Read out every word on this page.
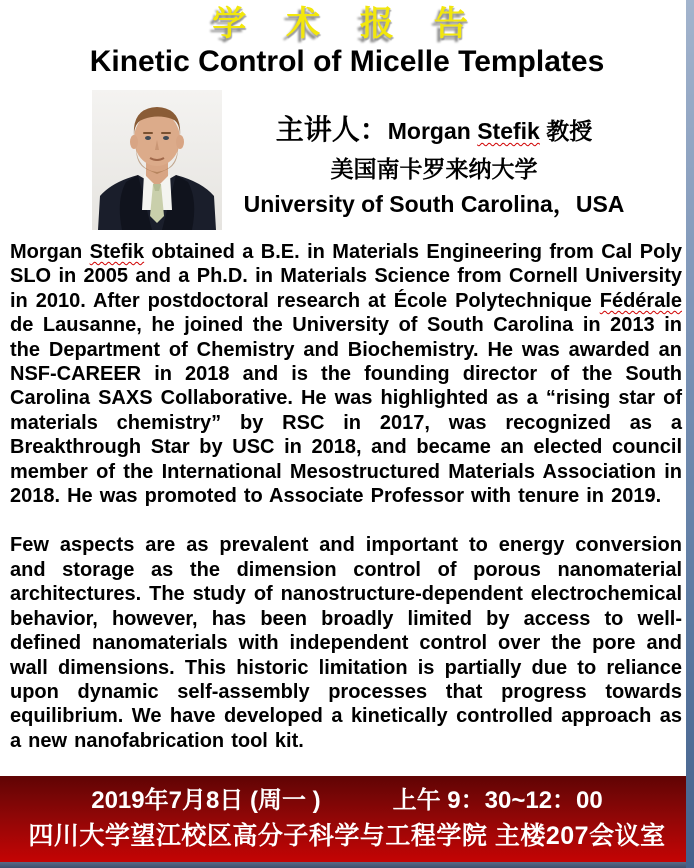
学 术 报 告
Kinetic Control of Micelle Templates
主讲人：Morgan Stefik 教授
美国南卡罗来纳大学
University of South Carolina，USA

Morgan Stefik obtained a B.E. in Materials Engineering from Cal Poly SLO in 2005 and a Ph.D. in Materials Science from Cornell University in 2010. After postdoctoral research at École Polytechnique Fédérale de Lausanne, he joined the University of South Carolina in 2013 in the Department of Chemistry and Biochemistry. He was awarded an NSF-CAREER in 2018 and is the founding director of the South Carolina SAXS Collaborative. He was highlighted as a “rising star of materials chemistry” by RSC in 2017, was recognized as a Breakthrough Star by USC in 2018, and became an elected council member of the International Mesostructured Materials Association in 2018. He was promoted to Associate Professor with tenure in 2019.

Few aspects are as prevalent and important to energy conversion and storage as the dimension control of porous nanomaterial architectures. The study of nanostructure-dependent electrochemical behavior, however, has been broadly limited by access to well-defined nanomaterials with independent control over the pore and wall dimensions. This historic limitation is partially due to reliance upon dynamic self-assembly processes that progress towards equilibrium. We have developed a kinetically controlled approach as a new nanofabrication tool kit.

2019年7月8日 (周一 )　　　上午 9：30~12：00
四川大学望江校区高分子科学与工程学院 主楼207会议室
